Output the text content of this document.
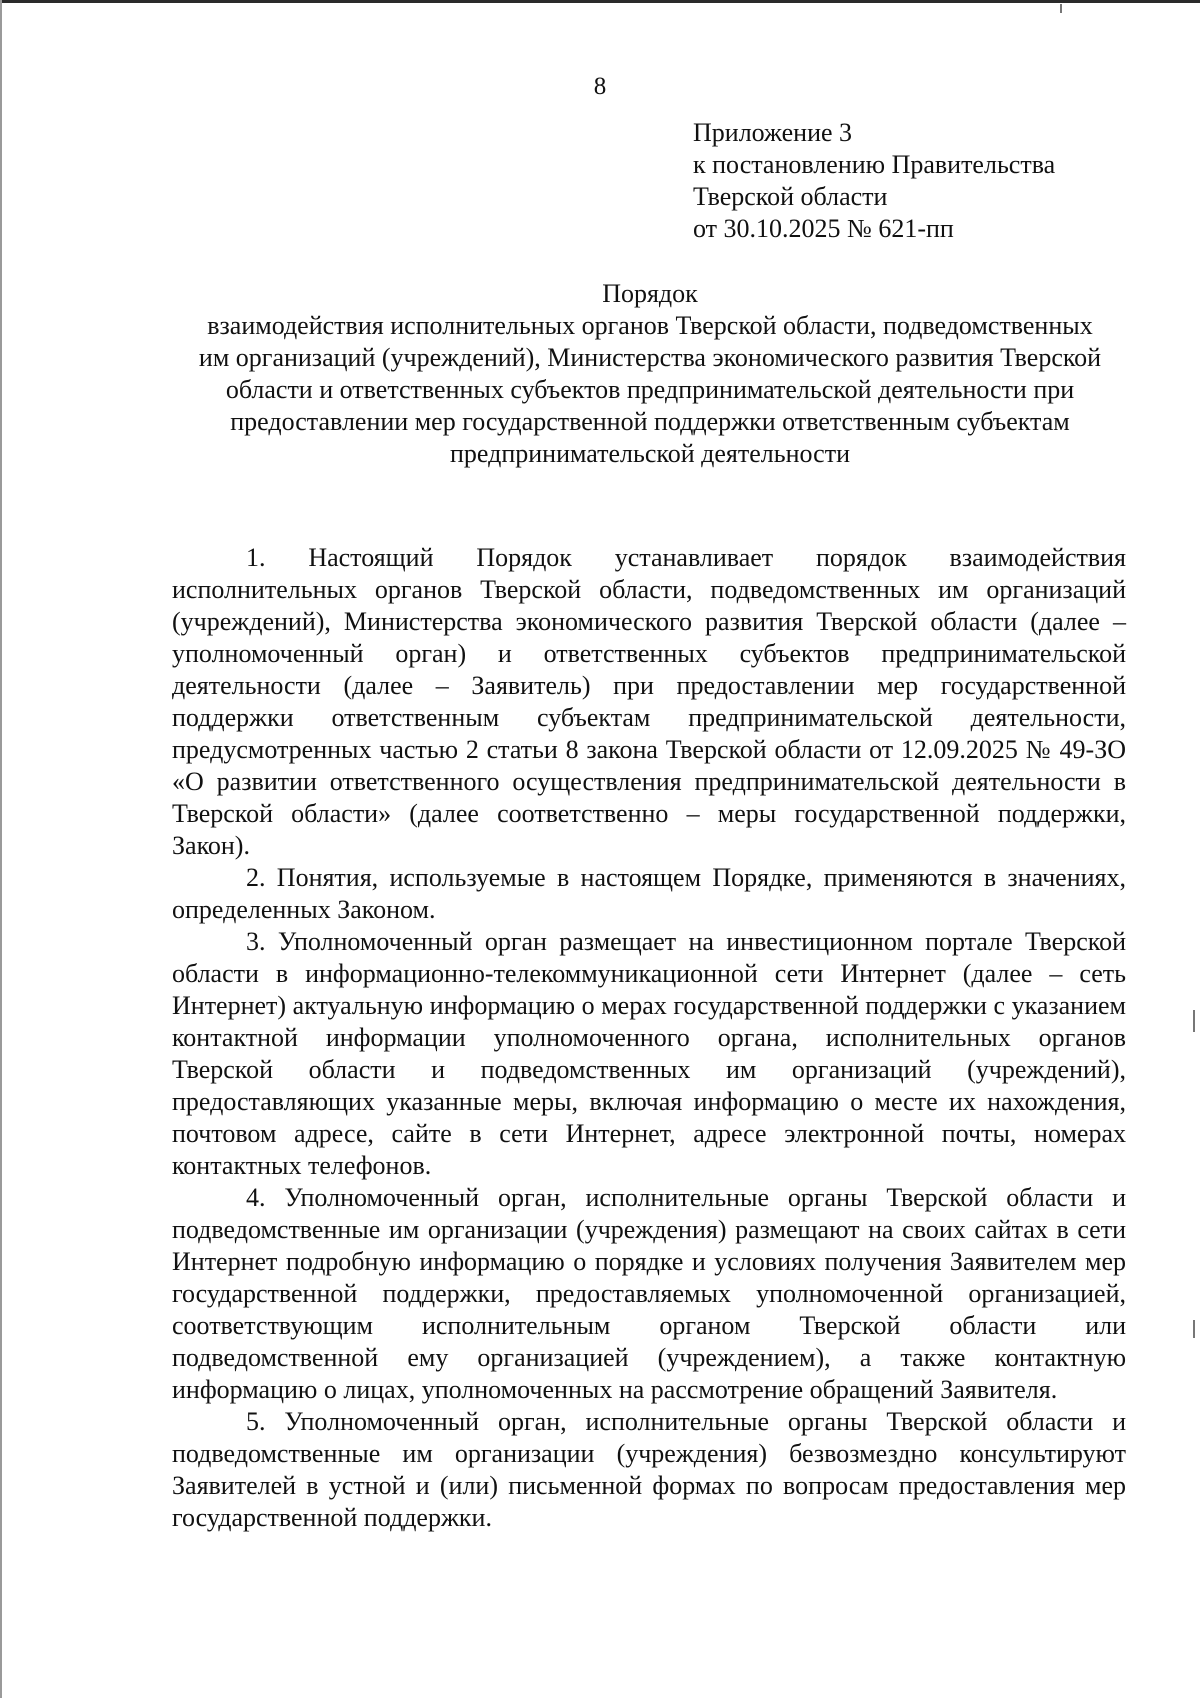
8
Приложение 3
к постановлению Правительства
Тверской области
от 30.10.2025 № 621-пп
Порядок
взаимодействия исполнительных органов Тверской области, подведомственных им организаций (учреждений), Министерства экономического развития Тверской области и ответственных субъектов предпринимательской деятельности при предоставлении мер государственной поддержки ответственным субъектам предпринимательской деятельности

1. Настоящий Порядок устанавливает порядок взаимодействия исполнительных органов Тверской области, подведомственных им организаций (учреждений), Министерства экономического развития Тверской области (далее – уполномоченный орган) и ответственных субъектов предпринимательской деятельности (далее – Заявитель) при предоставлении мер государственной поддержки ответственным субъектам предпринимательской деятельности, предусмотренных частью 2 статьи 8 закона Тверской области от 12.09.2025 № 49-ЗО «О развитии ответственного осуществления предпринимательской деятельности в Тверской области» (далее соответственно – меры государственной поддержки, Закон).

2. Понятия, используемые в настоящем Порядке, применяются в значениях, определенных Законом.

3. Уполномоченный орган размещает на инвестиционном портале Тверской области в информационно-телекоммуникационной сети Интернет (далее – сеть Интернет) актуальную информацию о мерах государственной поддержки с указанием контактной информации уполномоченного органа, исполнительных органов Тверской области и подведомственных им организаций (учреждений), предоставляющих указанные меры, включая информацию о месте их нахождения, почтовом адресе, сайте в сети Интернет, адресе электронной почты, номерах контактных телефонов.

4. Уполномоченный орган, исполнительные органы Тверской области и подведомственные им организации (учреждения) размещают на своих сайтах в сети Интернет подробную информацию о порядке и условиях получения Заявителем мер государственной поддержки, предоставляемых уполномоченной организацией, соответствующим исполнительным органом Тверской области или подведомственной ему организацией (учреждением), а также контактную информацию о лицах, уполномоченных на рассмотрение обращений Заявителя.

5. Уполномоченный орган, исполнительные органы Тверской области и подведомственные им организации (учреждения) безвозмездно консультируют Заявителей в устной и (или) письменной формах по вопросам предоставления мер государственной поддержки.
